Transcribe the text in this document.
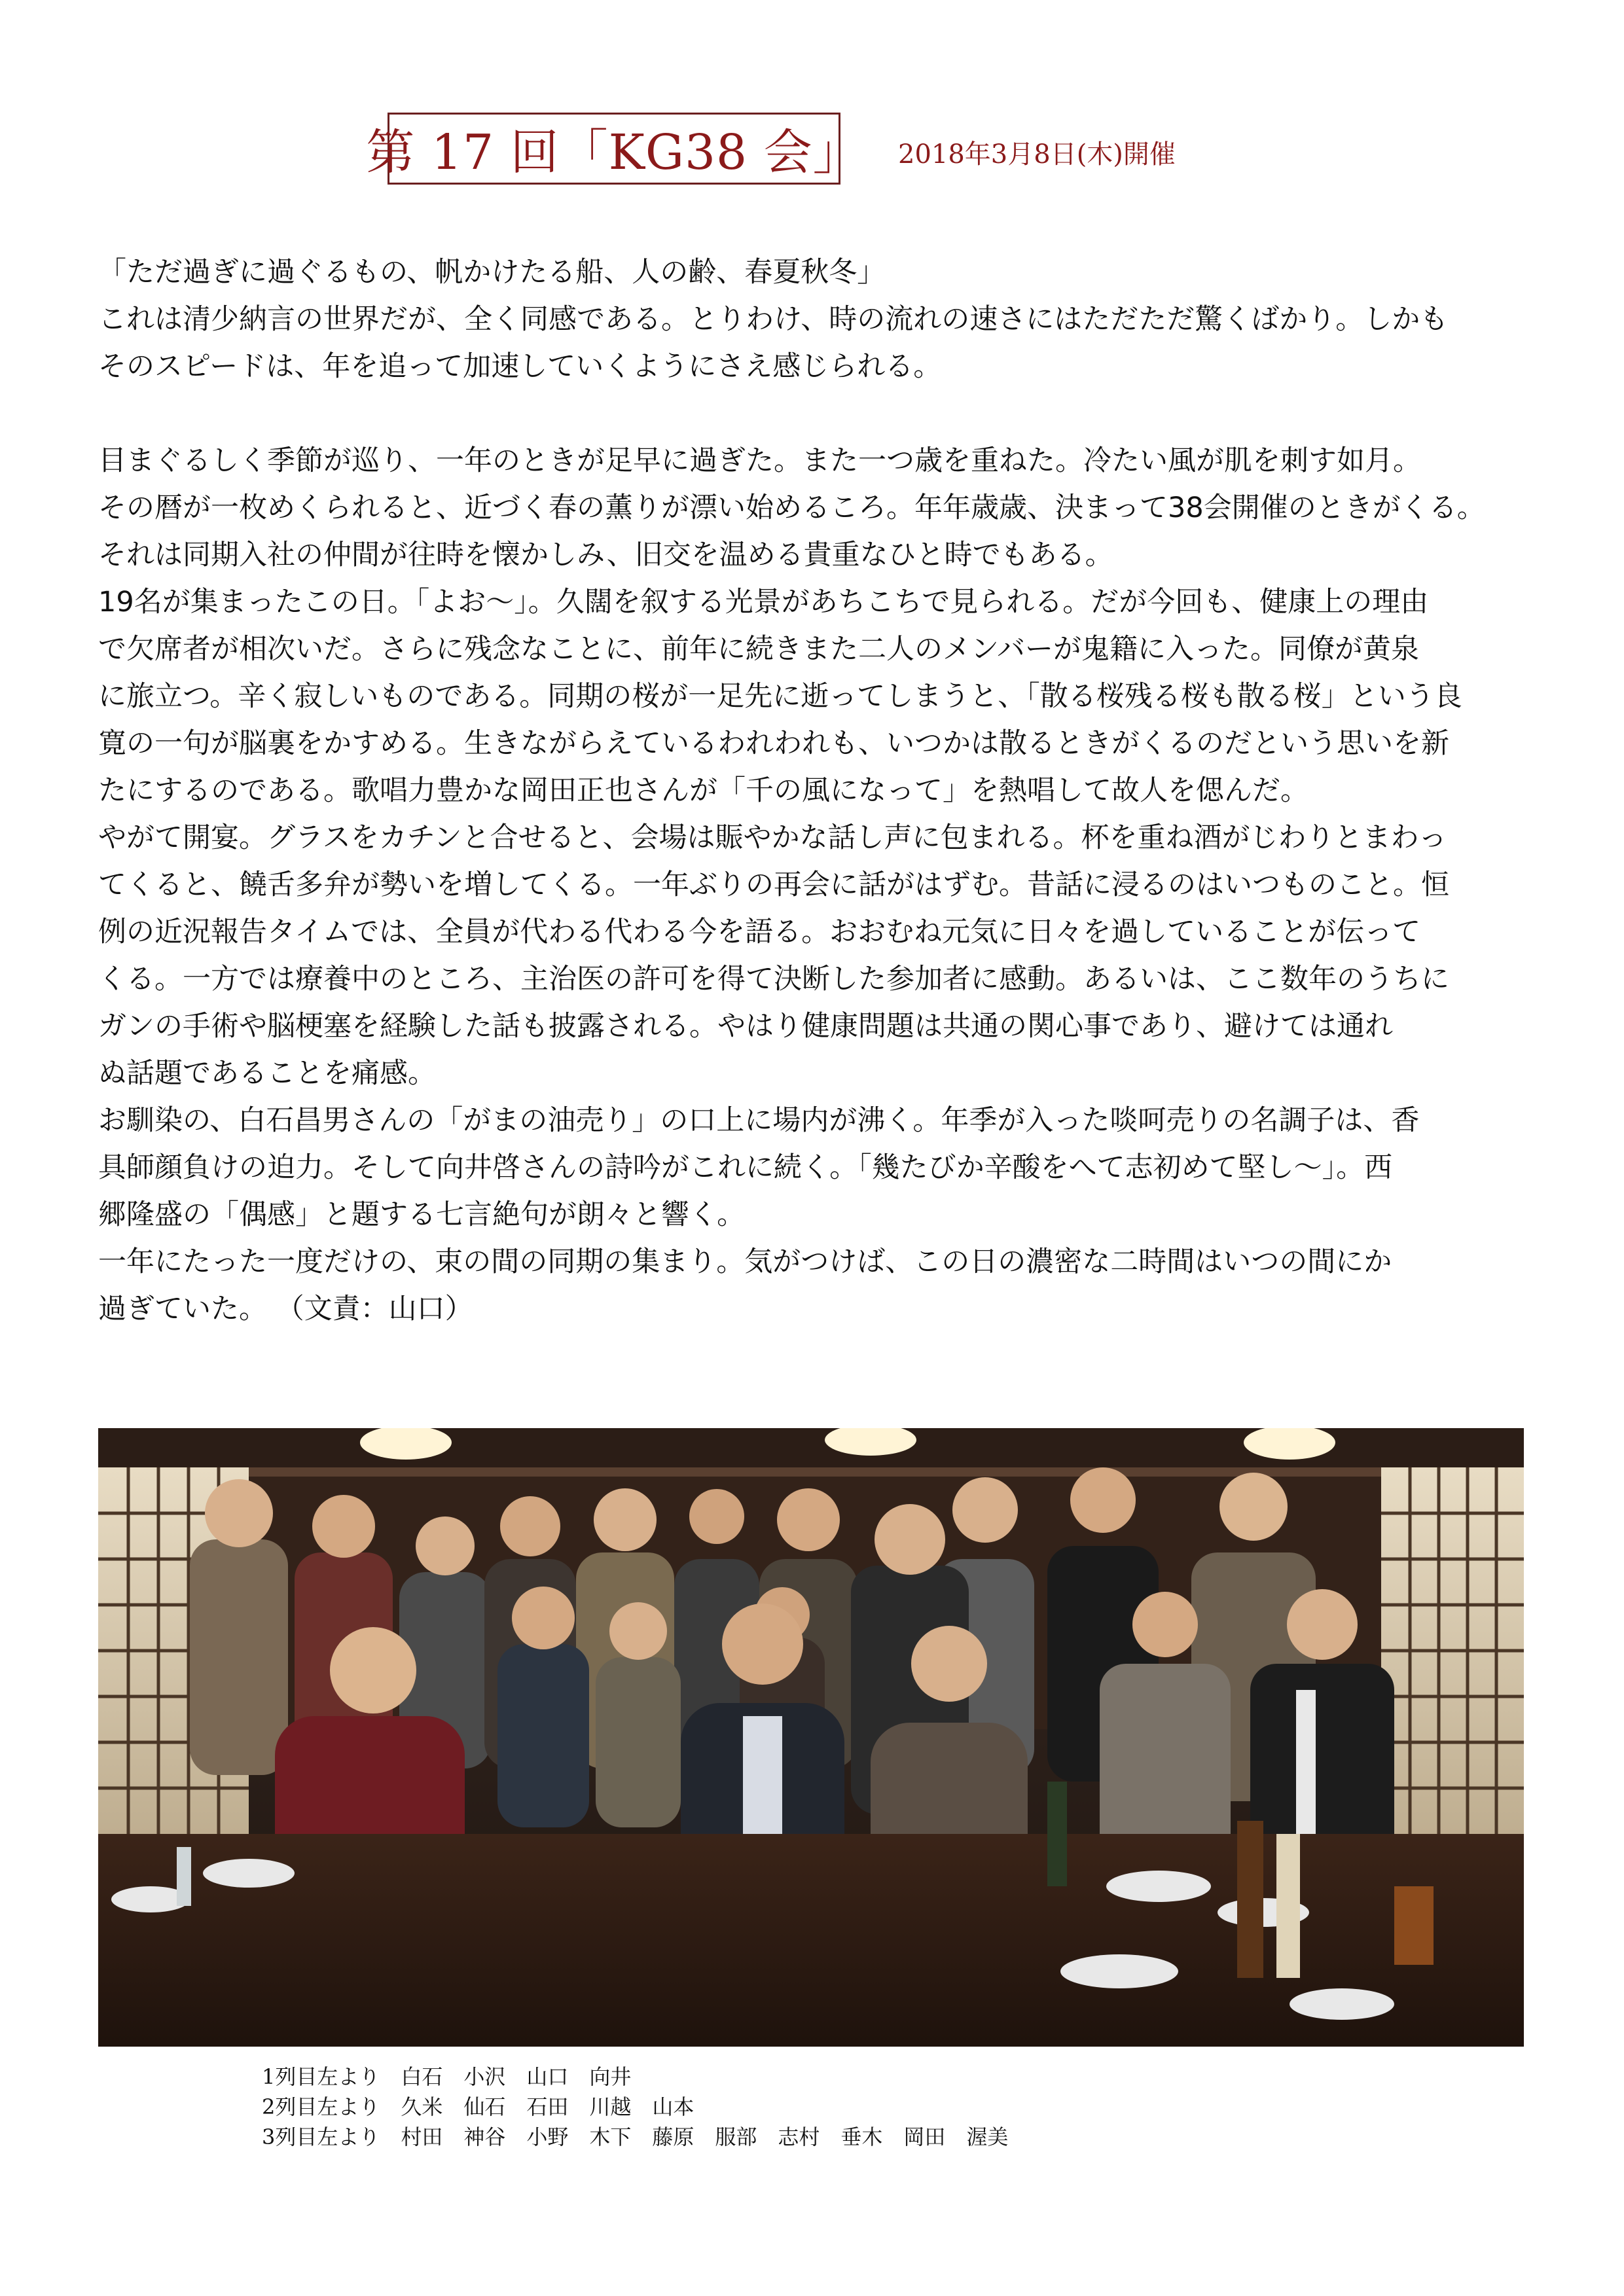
第 17 回「KG38 会」 2018年3月8日(木)開催

「ただ過ぎに過ぐるもの、帆かけたる船、人の齢、春夏秋冬」

これは清少納言の世界だが、全く同感である。とりわけ、時の流れの速さにはただただ驚くばかり。しかも

そのスピードは、年を追って加速していくようにさえ感じられる。

目まぐるしく季節が巡り、一年のときが足早に過ぎた。また一つ歳を重ねた。冷たい風が肌を刺す如月。

その暦が一枚めくられると、近づく春の薫りが漂い始めるころ。年年歳歳、決まって38会開催のときがくる。

それは同期入社の仲間が往時を懐かしみ、旧交を温める貴重なひと時でもある。

19名が集まったこの日。「よお～」。久闊を叙する光景があちこちで見られる。だが今回も、健康上の理由

で欠席者が相次いだ。さらに残念なことに、前年に続きまた二人のメンバーが鬼籍に入った。同僚が黄泉

に旅立つ。辛く寂しいものである。同期の桜が一足先に逝ってしまうと、「散る桜残る桜も散る桜」という良

寛の一句が脳裏をかすめる。生きながらえているわれわれも、いつかは散るときがくるのだという思いを新

たにするのである。歌唱力豊かな岡田正也さんが「千の風になって」を熱唱して故人を偲んだ。

やがて開宴。グラスをカチンと合せると、会場は賑やかな話し声に包まれる。杯を重ね酒がじわりとまわっ

てくると、饒舌多弁が勢いを増してくる。一年ぶりの再会に話がはずむ。昔話に浸るのはいつものこと。恒

例の近況報告タイムでは、全員が代わる代わる今を語る。おおむね元気に日々を過していることが伝って

くる。一方では療養中のところ、主治医の許可を得て決断した参加者に感動。あるいは、ここ数年のうちに

ガンの手術や脳梗塞を経験した話も披露される。やはり健康問題は共通の関心事であり、避けては通れ

ぬ話題であることを痛感。

お馴染の、白石昌男さんの「がまの油売り」の口上に場内が沸く。年季が入った啖呵売りの名調子は、香

具師顔負けの迫力。そして向井啓さんの詩吟がこれに続く。「幾たびか辛酸をへて志初めて堅し～」。西

郷隆盛の「偶感」と題する七言絶句が朗々と響く。

一年にたった一度だけの、束の間の同期の集まり。気がつけば、この日の濃密な二時間はいつの間にか

過ぎていた。 （文責：山口）

1列目左より　白石　小沢　山口　向井
2列目左より　久米　仙石　石田　川越　山本
3列目左より　村田　神谷　小野　木下　藤原　服部　志村　垂木　岡田　渥美
